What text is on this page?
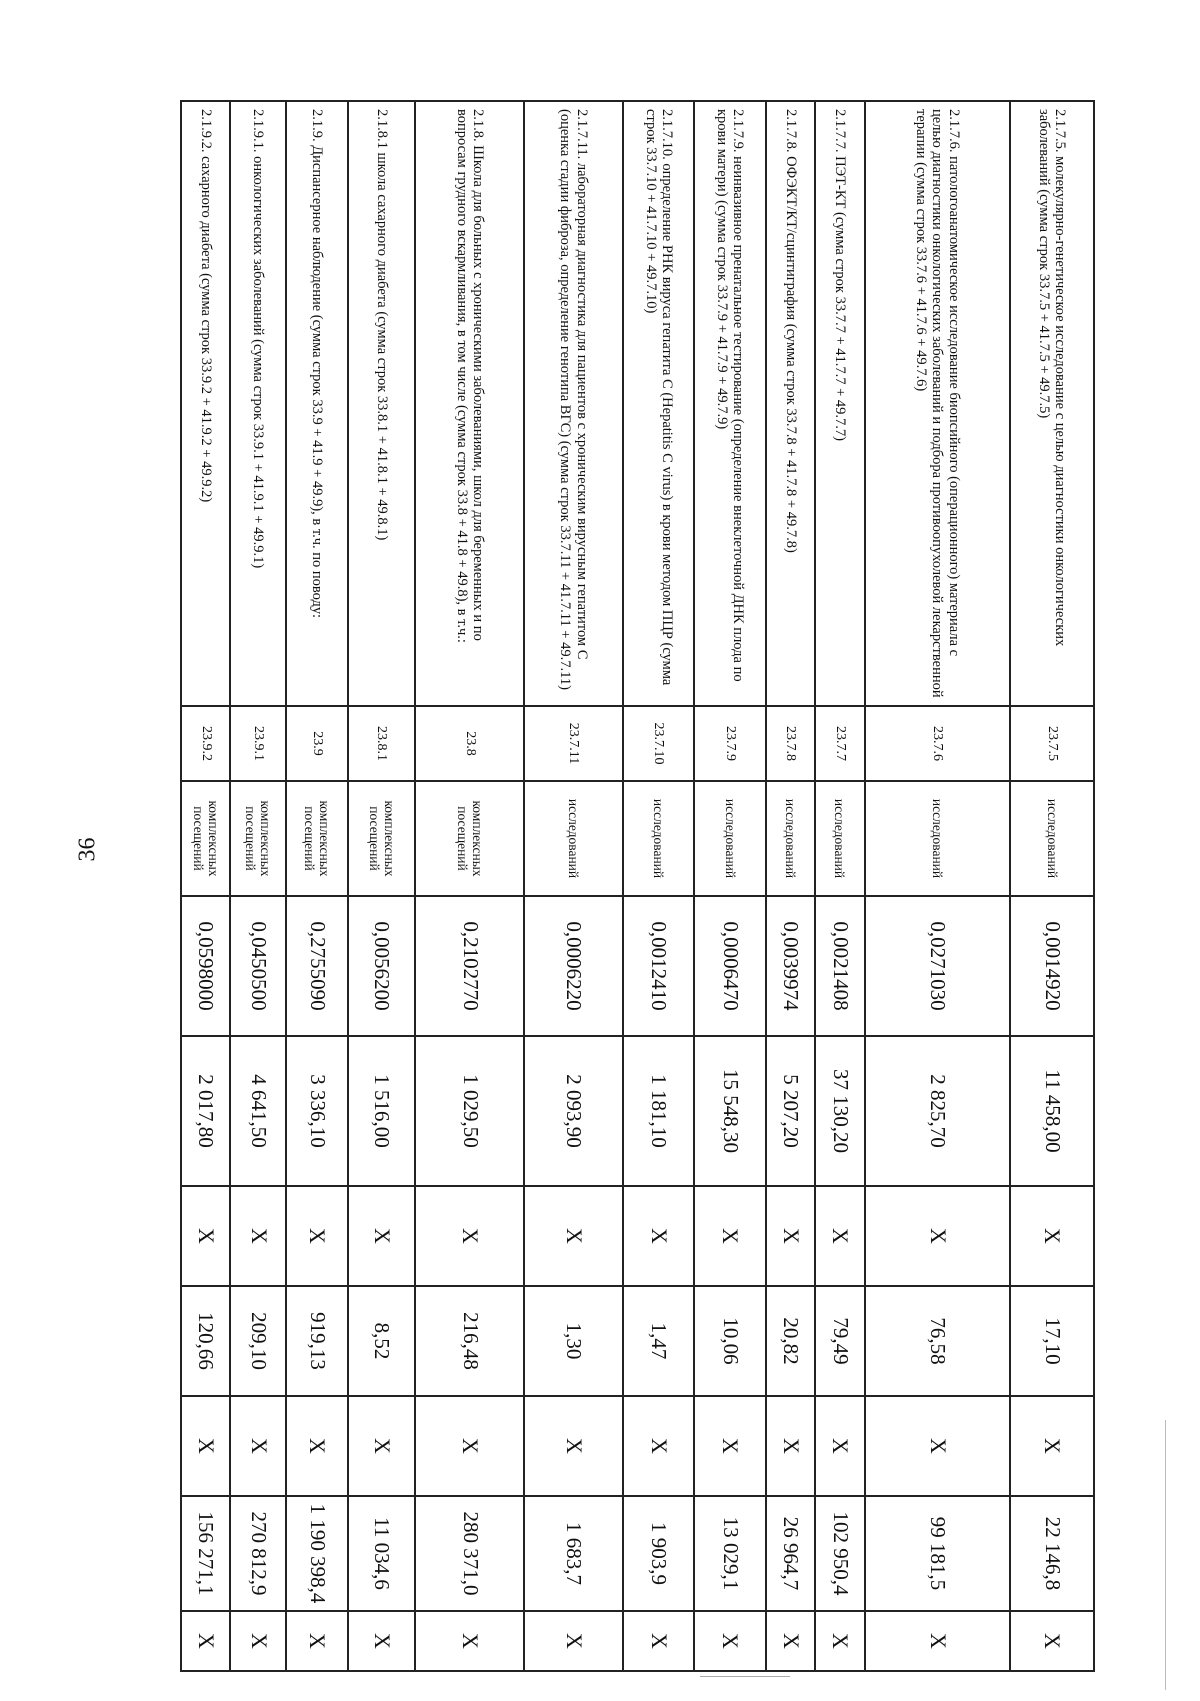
36
2.1.7.5. молекулярно-генетическое исследование с целью диагностики онкологических заболеваний (сумма строк 33.7.5 + 41.7.5 + 49.7.5)	23.7.5	исследований	0,0014920	11 458,00	X	17,10	X	22 146,8	X
2.1.7.6. патологоанатомическое исследование биопсийного (операционного) материала с целью диагностики онкологических заболеваний и подбора противоопухолевой лекарственной терапии (сумма строк 33.7.6 + 41.7.6 + 49.7.6)	23.7.6	исследований	0,0271030	2 825,70	X	76,58	X	99 181,5	X
2.1.7.7. ПЭТ-КТ (сумма строк 33.7.7 + 41.7.7 + 49.7.7)	23.7.7	исследований	0,0021408	37 130,20	X	79,49	X	102 950,4	X
2.1.7.8. ОФЭКТ/КТ/сцинтиграфия (сумма строк 33.7.8 + 41.7.8 + 49.7.8)	23.7.8	исследований	0,0039974	5 207,20	X	20,82	X	26 964,7	X
2.1.7.9. неинвазивное пренатальное тестирование (определение внеклеточной ДНК плода по крови матери) (сумма строк 33.7.9 + 41.7.9 + 49.7.9)	23.7.9	исследований	0,0006470	15 548,30	X	10,06	X	13 029,1	X
2.1.7.10. определение РНК вируса гепатита С (Hepatitis C virus) в крови методом ПЦР (сумма строк 33.7.10 + 41.7.10 + 49.7.10)	23.7.10	исследований	0,0012410	1 181,10	X	1,47	X	1 903,9	X
2.1.7.11. лабораторная диагностика для пациентов с хроническим вирусным гепатитом С (оценка стадии фиброза, определение генотипа ВГС) (сумма строк 33.7.11 + 41.7.11 + 49.7.11)	23.7.11	исследований	0,0006220	2 093,90	X	1,30	X	1 683,7	X
2.1.8. Школа для больных с хроническими заболеваниями, школ для беременных и по вопросам грудного вскармливания, в том числе (сумма строк 33.8 + 41.8 + 49.8), в т.ч.:	23.8	комплексных посещений	0,2102770	1 029,50	X	216,48	X	280 371,0	X
2.1.8.1 школа сахарного диабета (сумма строк 33.8.1 + 41.8.1 + 49.8.1)	23.8.1	комплексных посещений	0,0056200	1 516,00	X	8,52	X	11 034,6	X
2.1.9. Диспансерное наблюдение (сумма строк 33.9 + 41.9 + 49.9), в т.ч. по поводу:	23.9	комплексных посещений	0,2755090	3 336,10	X	919,13	X	1 190 398,4	X
2.1.9.1. онкологических заболеваний (сумма строк 33.9.1 + 41.9.1 + 49.9.1)	23.9.1	комплексных посещений	0,0450500	4 641,50	X	209,10	X	270 812,9	X
2.1.9.2. сахарного диабета (сумма строк 33.9.2 + 41.9.2 + 49.9.2)	23.9.2	комплексных посещений	0,0598000	2 017,80	X	120,66	X	156 271,1	X
